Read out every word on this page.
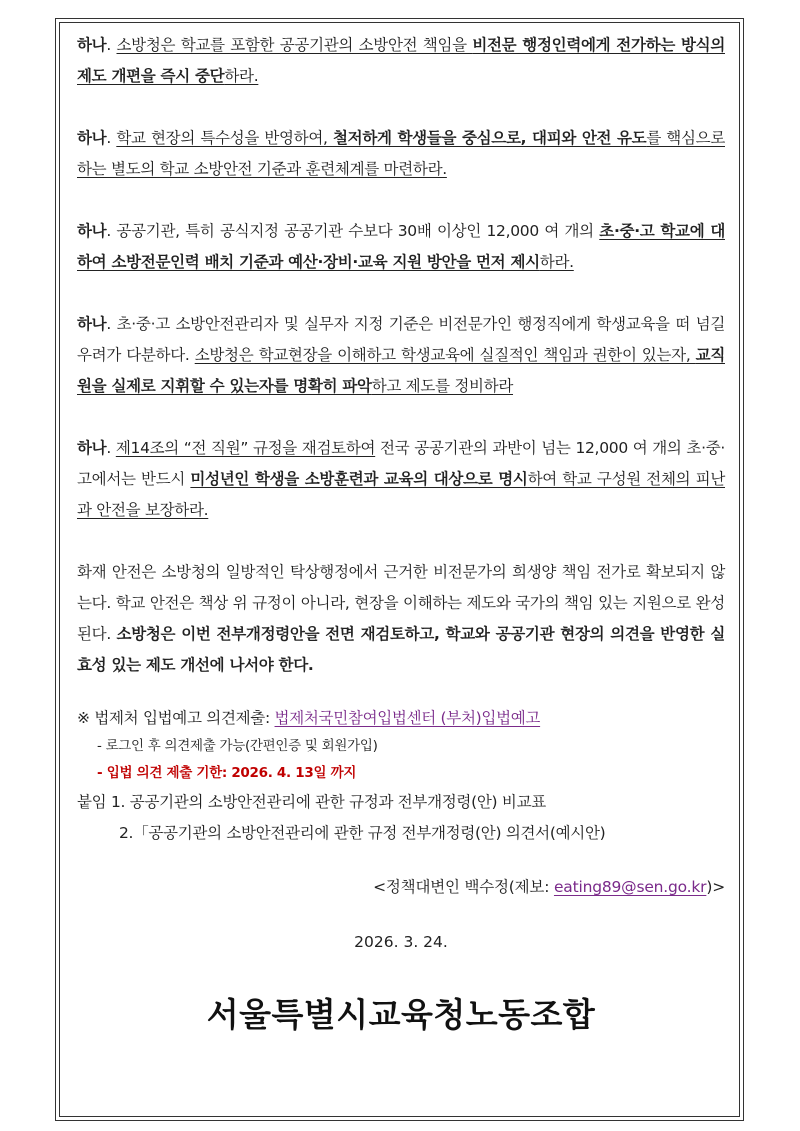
하나. 소방청은 학교를 포함한 공공기관의 소방안전 책임을 비전문 행정인력에게 전가하는 방식의 제도 개편을 즉시 중단하라.

하나. 학교 현장의 특수성을 반영하여, 철저하게 학생들을 중심으로, 대피와 안전 유도를 핵심으로 하는 별도의 학교 소방안전 기준과 훈련체계를 마련하라.

하나. 공공기관, 특히 공식지정 공공기관 수보다 30배 이상인 12,000 여 개의 초·중·고 학교에 대하여 소방전문인력 배치 기준과 예산·장비·교육 지원 방안을 먼저 제시하라.

하나. 초·중·고 소방안전관리자 및 실무자 지정 기준은 비전문가인 행정직에게 학생교육을 떠 넘길 우려가 다분하다. 소방청은 학교현장을 이해하고 학생교육에 실질적인 책임과 권한이 있는자, 교직원을 실제로 지휘할 수 있는자를 명확히 파악하고 제도를 정비하라

하나. 제14조의 “전 직원” 규정을 재검토하여 전국 공공기관의 과반이 넘는 12,000 여 개의 초·중·고에서는 반드시 미성년인 학생을 소방훈련과 교육의 대상으로 명시하여 학교 구성원 전체의 피난과 안전을 보장하라.

화재 안전은 소방청의 일방적인 탁상행정에서 근거한 비전문가의 희생양 책임 전가로 확보되지 않는다. 학교 안전은 책상 위 규정이 아니라, 현장을 이해하는 제도와 국가의 책임 있는 지원으로 완성된다. 소방청은 이번 전부개정령안을 전면 재검토하고, 학교와 공공기관 현장의 의견을 반영한 실효성 있는 제도 개선에 나서야 한다.

※ 법제처 입법예고 의견제출: 법제처국민참여입법센터 (부처)입법예고
- 로그인 후 의견제출 가능(간편인증 및 회원가입)
- 입법 의견 제출 기한: 2026. 4. 13일 까지
붙임 1. 공공기관의 소방안전관리에 관한 규정과 전부개정령(안) 비교표
2.「공공기관의 소방안전관리에 관한 규정 전부개정령(안) 의견서(예시안)
<정책대변인 백수정(제보: eating89@sen.go.kr)>
2026. 3. 24.
서울특별시교육청노동조합
